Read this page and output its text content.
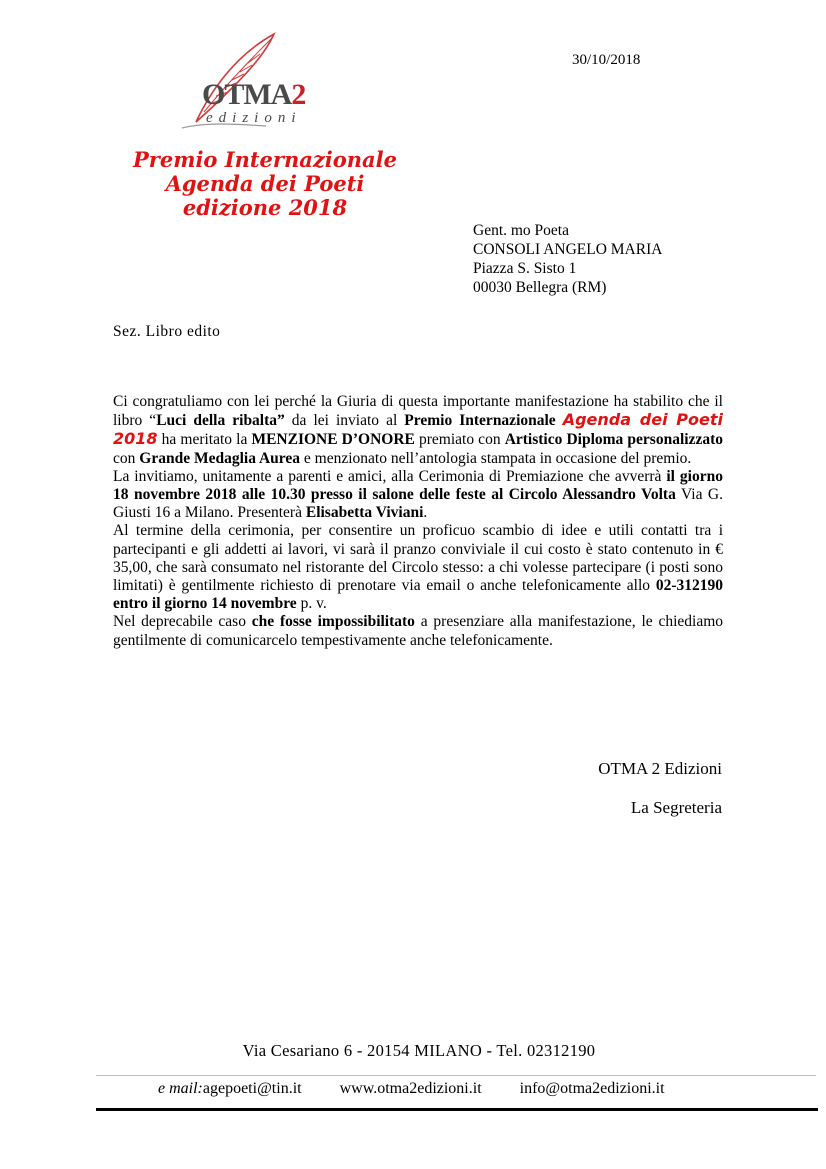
30/10/2018
OTMA2
edizioni
Premio Internazionale
Agenda dei Poeti
edizione 2018
Gent. mo Poeta
CONSOLI ANGELO MARIA
Piazza S. Sisto 1
00030 Bellegra (RM)
Sez. Libro edito

Ci congratuliamo con lei perché la Giuria di questa importante manifestazione ha stabilito che il libro “Luci della ribalta” da lei inviato al Premio Internazionale Agenda dei Poeti 2018 ha meritato la MENZIONE D’ONORE premiato con Artistico Diploma personalizzato con Grande Medaglia Aurea e menzionato nell’antologia stampata in occasione del premio.

La invitiamo, unitamente a parenti e amici, alla Cerimonia di Premiazione che avverrà il giorno 18 novembre 2018 alle 10.30 presso il salone delle feste al Circolo Alessandro Volta Via G. Giusti 16 a Milano. Presenterà Elisabetta Viviani.

Al termine della cerimonia, per consentire un proficuo scambio di idee e utili contatti tra i partecipanti e gli addetti ai lavori, vi sarà il pranzo conviviale il cui costo è stato contenuto in € 35,00, che sarà consumato nel ristorante del Circolo stesso: a chi volesse partecipare (i posti sono limitati) è gentilmente richiesto di prenotare via email o anche telefonicamente allo 02-312190 entro il giorno 14 novembre p. v.

Nel deprecabile caso che fosse impossibilitato a presenziare alla manifestazione, le chiediamo gentilmente di comunicarcelo tempestivamente anche telefonicamente.

OTMA 2 Edizioni
La Segreteria
Via Cesariano 6 - 20154 MILANO - Tel. 02312190
e mail:agepoeti@tin.it www.otma2edizioni.it info@otma2edizioni.it
